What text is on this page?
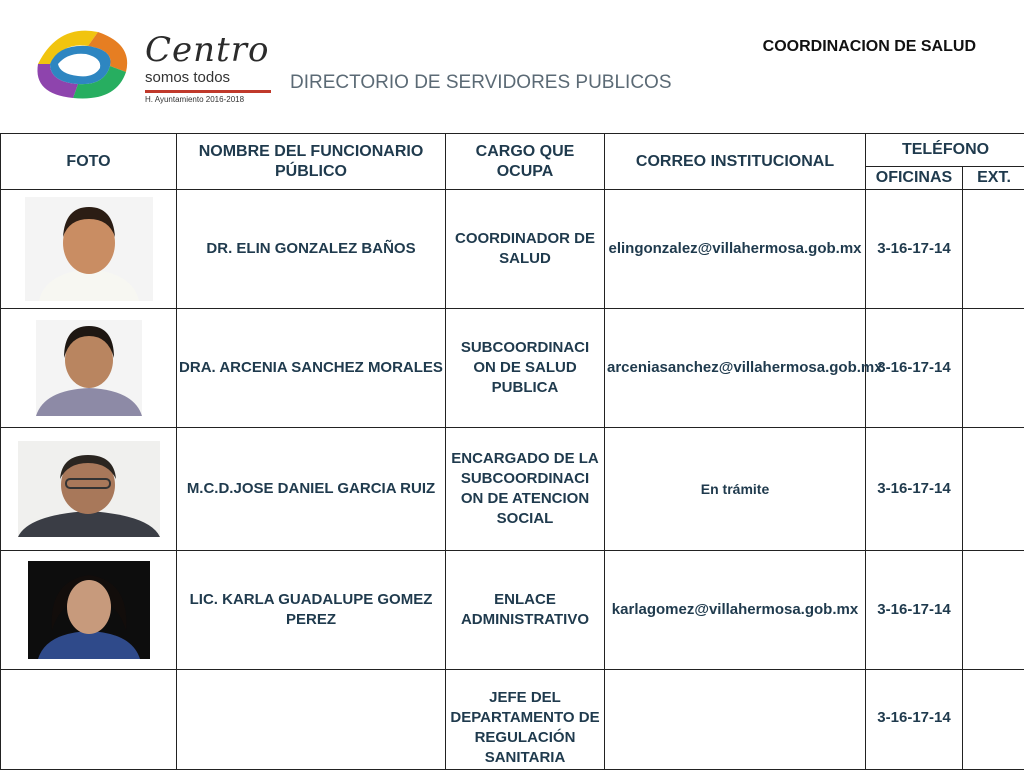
Centro
somos todos
H. Ayuntamiento 2016-2018
COORDINACION DE SALUD
DIRECTORIO DE SERVIDORES PUBLICOS
FOTO	NOMBRE DEL FUNCIONARIO PÚBLICO	CARGO QUE OCUPA	CORREO INSTITUCIONAL	TELÉFONO	
				OFICINAS	EXT.

	DR. ELIN GONZALEZ BAÑOS	COORDINADOR DE SALUD	elingonzalez@villahermosa.gob.mx	3-16-17-14	

	DRA. ARCENIA SANCHEZ MORALES	SUBCOORDINACI ON DE SALUD PUBLICA	arceniasanchez@villahermosa.gob.mx	3-16-17-14	

	M.C.D.JOSE DANIEL GARCIA RUIZ	ENCARGADO DE LA SUBCOORDINACI ON DE ATENCION SOCIAL	En trámite	3-16-17-14	

	LIC. KARLA GUADALUPE GOMEZ PEREZ	ENLACE ADMINISTRATIVO	karlagomez@villahermosa.gob.mx	3-16-17-14	
		JEFE DEL DEPARTAMENTO DE REGULACIÓN SANITARIA		3-16-17-14	
